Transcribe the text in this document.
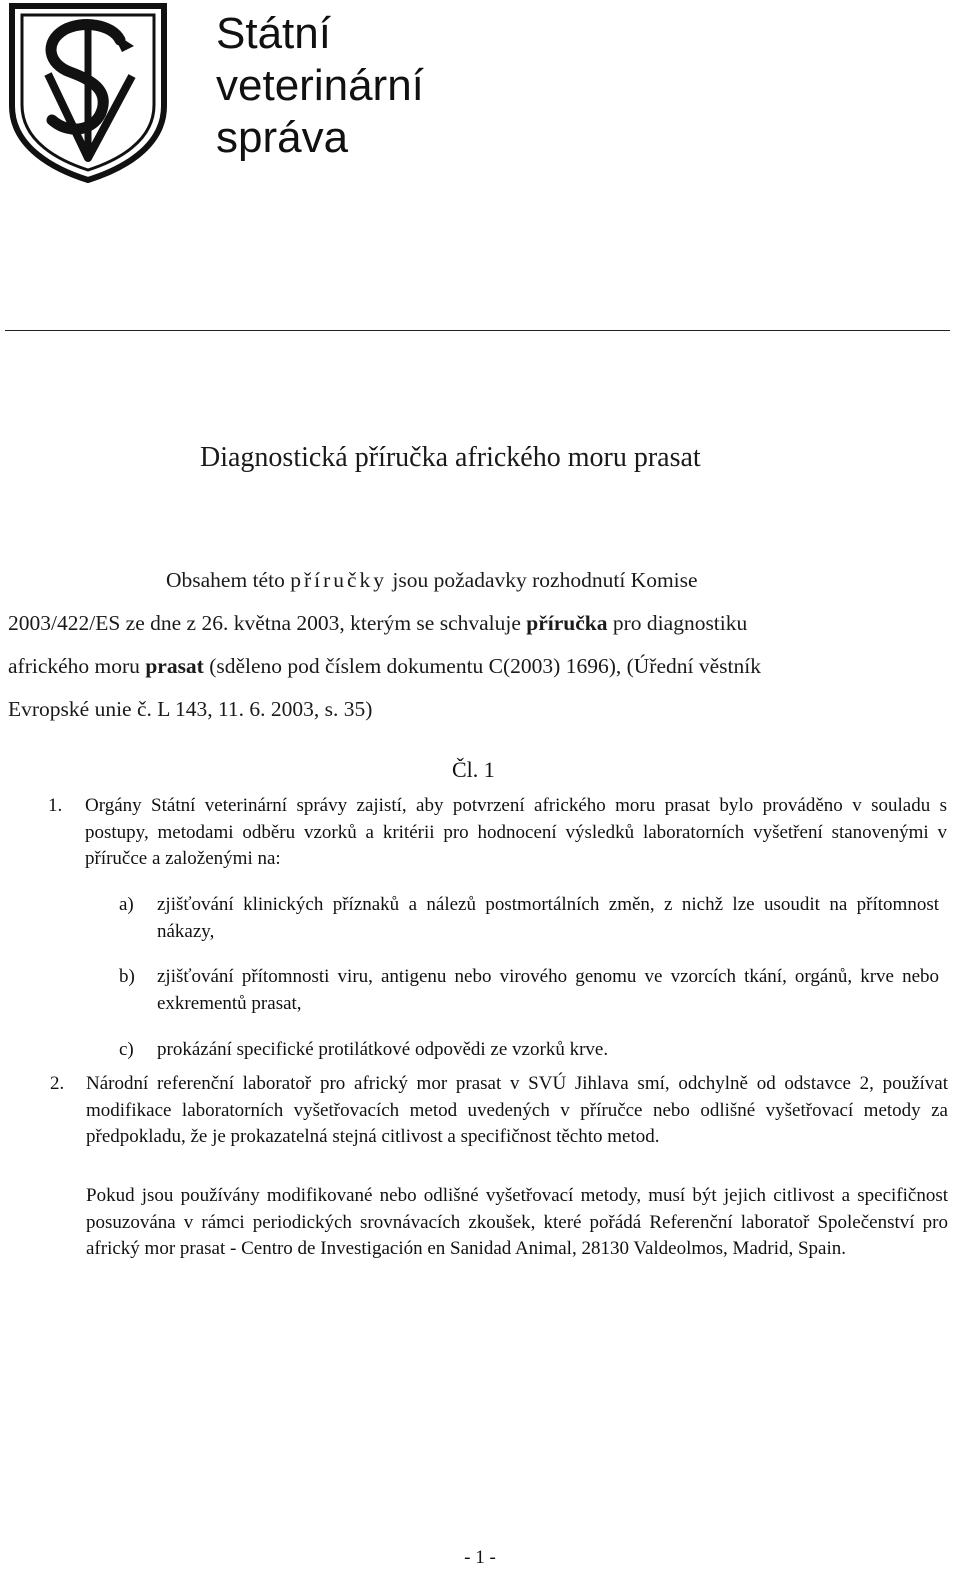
Státní
veterinární
správa
Diagnostická příručka afrického moru prasat
Obsahem této příručky jsou požadavky rozhodnutí Komise
2003/422/ES ze dne z 26. května 2003, kterým se schvaluje příručka pro diagnostiku
afrického moru prasat (sděleno pod číslem dokumentu C(2003) 1696), (Úřední věstník
Evropské unie č. L 143, 11. 6. 2003, s. 35)
Čl. 1
1. Orgány Státní veterinární správy zajistí, aby potvrzení afrického moru prasat bylo prováděno v souladu s postupy, metodami odběru vzorků a kritérii pro hodnocení výsledků laboratorních vyšetření stanovenými v příručce a založenými na:
a) zjišťování klinických příznaků a nálezů postmortálních změn, z nichž lze usoudit na přítomnost nákazy,
b) zjišťování přítomnosti viru, antigenu nebo virového genomu ve vzorcích tkání, orgánů, krve nebo exkrementů prasat,
c) prokázání specifické protilátkové odpovědi ze vzorků krve.
2. Národní referenční laboratoř pro africký mor prasat v SVÚ Jihlava smí, odchylně od odstavce 2, používat modifikace laboratorních vyšetřovacích metod uvedených v příručce nebo odlišné vyšetřovací metody za předpokladu, že je prokazatelná stejná citlivost a specifičnost těchto metod.
Pokud jsou používány modifikované nebo odlišné vyšetřovací metody, musí být jejich citlivost a specifičnost posuzována v rámci periodických srovnávacích zkoušek, které pořádá Referenční laboratoř Společenství pro africký mor prasat - Centro de Investigación en Sanidad Animal, 28130 Valdeolmos, Madrid, Spain.
- 1 -
